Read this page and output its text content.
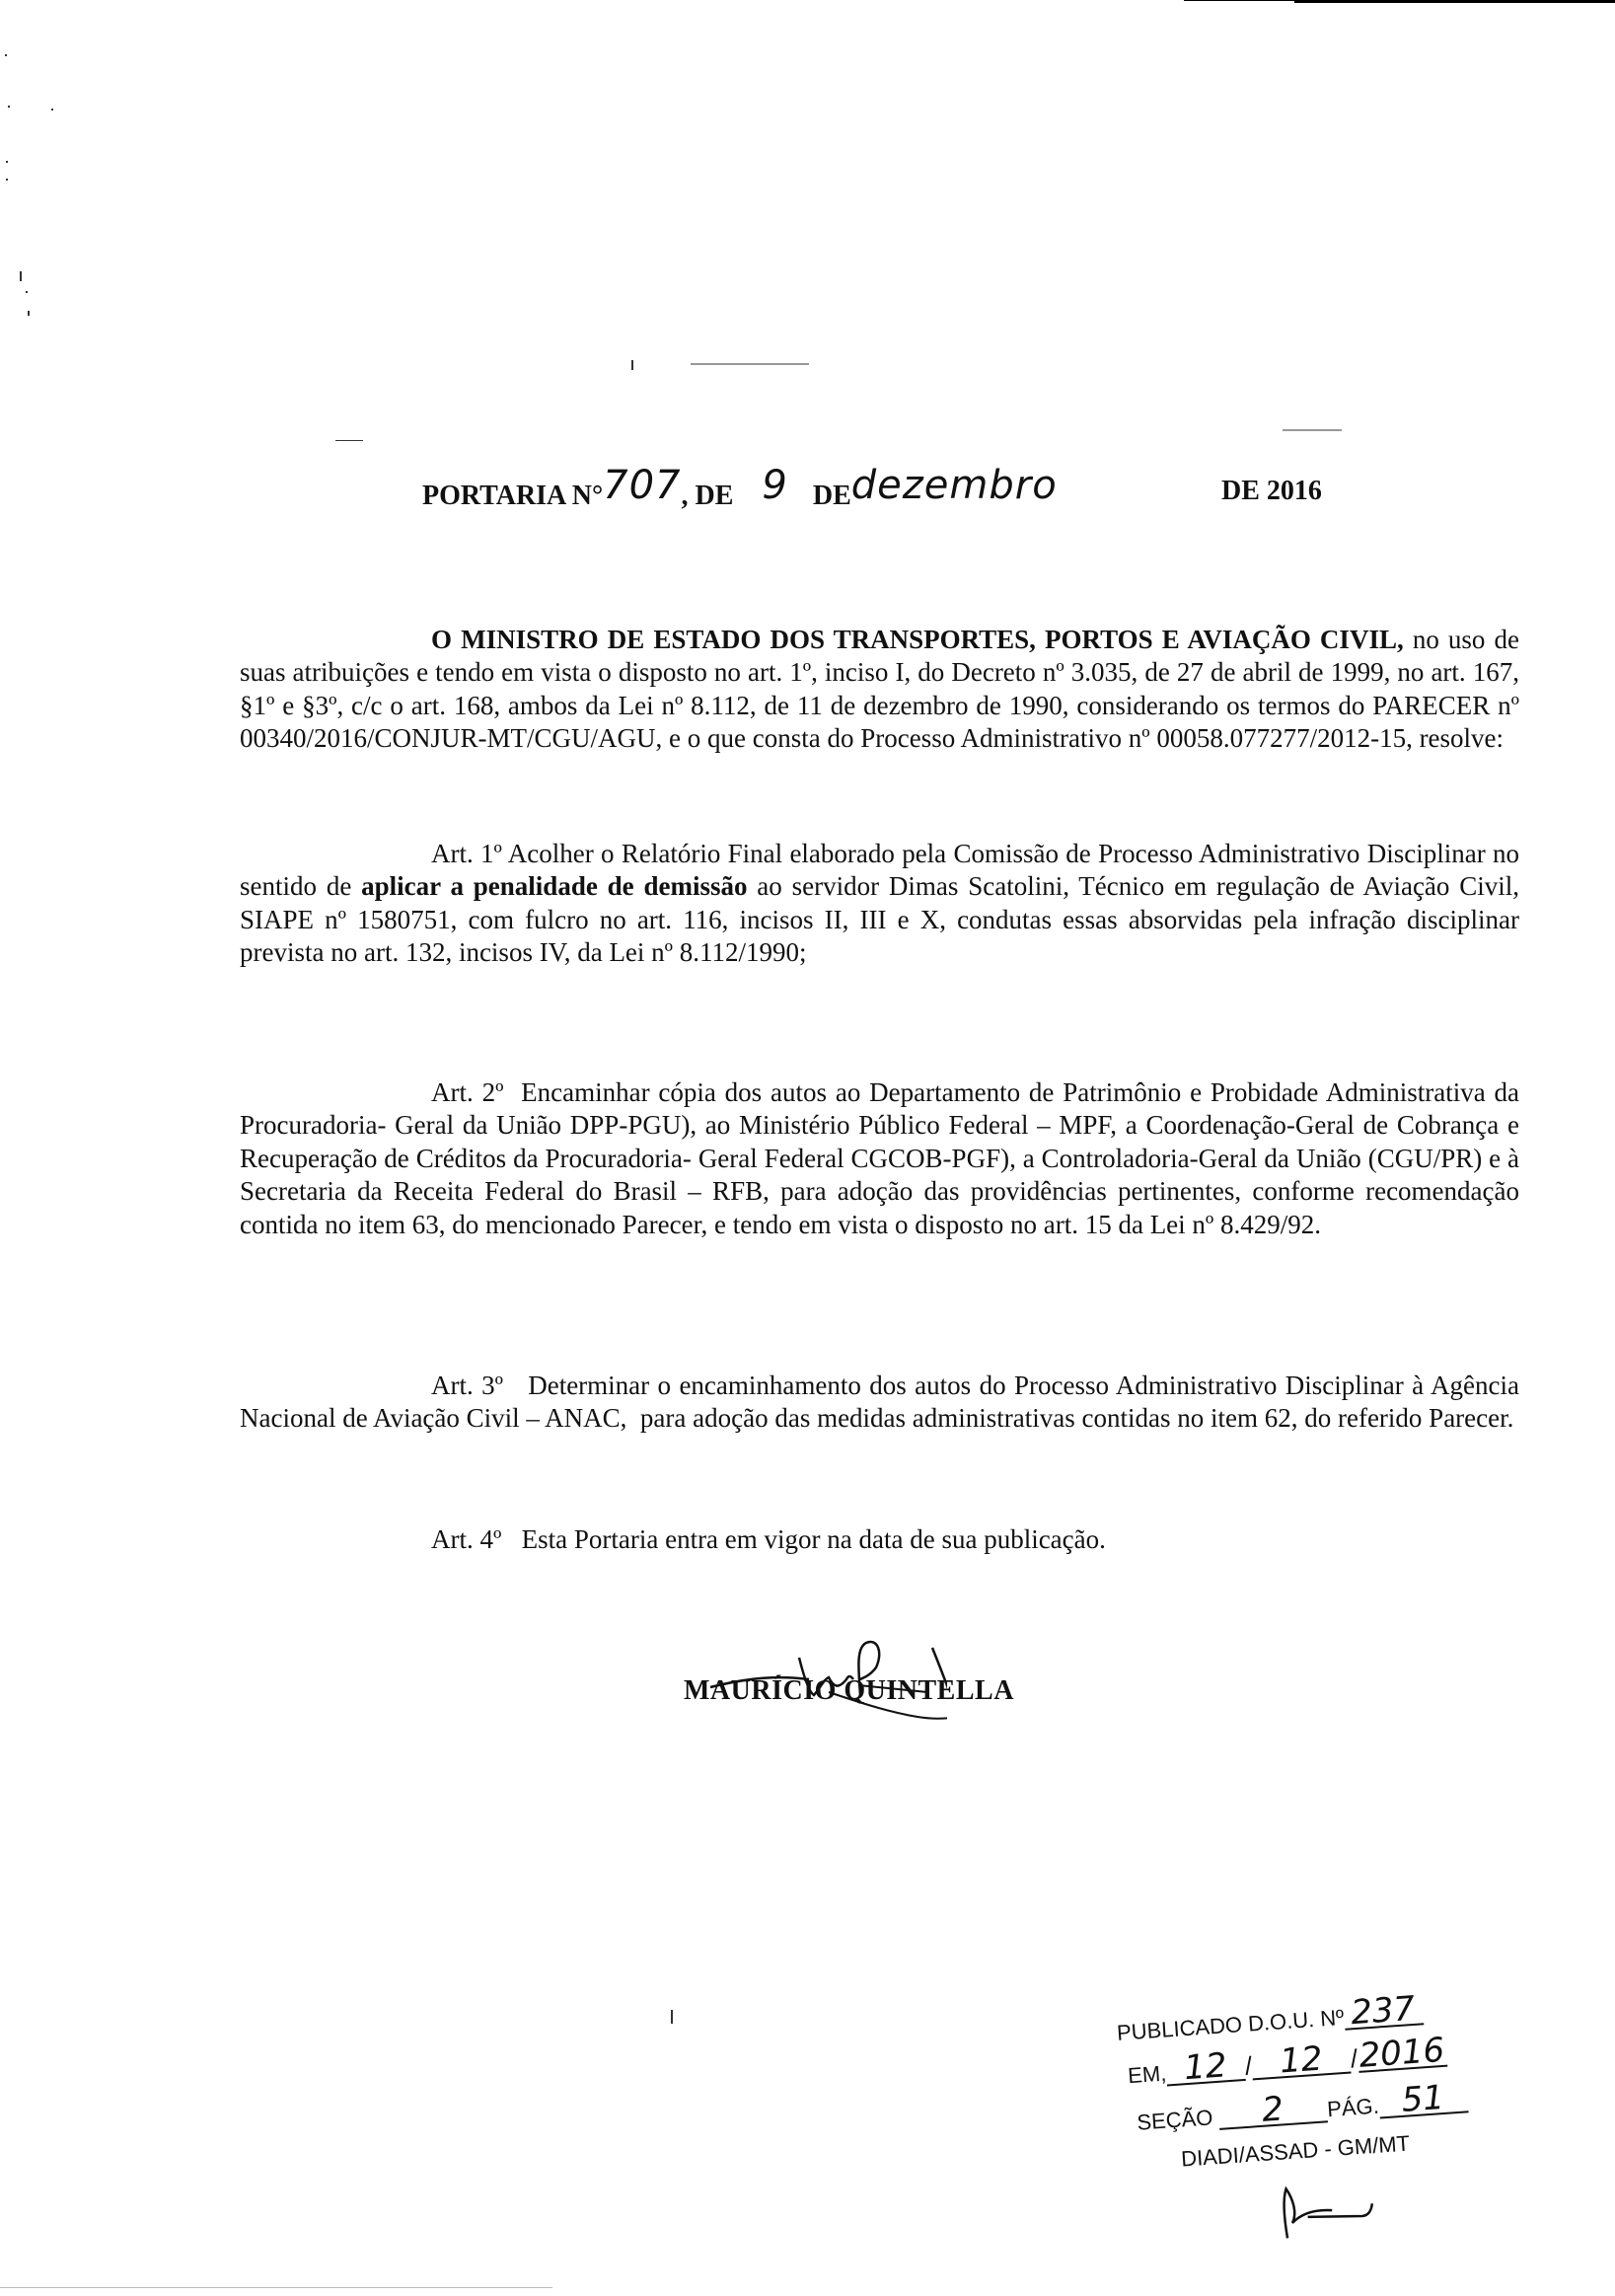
PORTARIA N°707, DE 9 DEdezembro	DE 2016
O MINISTRO DE ESTADO DOS TRANSPORTES, PORTOS E AVIAÇÃO CIVIL, no uso de suas atribuições e tendo em vista o disposto no art. 1º, inciso I, do Decreto nº 3.035, de 27 de abril de 1999, no art. 167, §1º e §3º, c/c o art. 168, ambos da Lei nº 8.112, de 11 de dezembro de 1990, considerando os termos do PARECER nº 00340/2016/CONJUR-MT/CGU/AGU, e o que consta do Processo Administrativo nº 00058.077277/2012-15, resolve:
Art. 1º Acolher o Relatório Final elaborado pela Comissão de Processo Administrativo Disciplinar no sentido de aplicar a penalidade de demissão ao servidor Dimas Scatolini, Técnico em regulação de Aviação Civil, SIAPE nº 1580751, com fulcro no art. 116, incisos II, III e X, condutas essas absorvidas pela infração disciplinar prevista no art. 132, incisos IV, da Lei nº 8.112/1990;
Art. 2º  Encaminhar cópia dos autos ao Departamento de Patrimônio e Probidade Administrativa da Procuradoria- Geral da União DPP-PGU), ao Ministério Público Federal – MPF, a Coordenação-Geral de Cobrança e Recuperação de Créditos da Procuradoria- Geral Federal CGCOB-PGF), a Controladoria-Geral da União (CGU/PR) e à Secretaria da Receita Federal do Brasil – RFB, para adoção das providências pertinentes, conforme recomendação contida no item 63, do mencionado Parecer, e tendo em vista o disposto no art. 15 da Lei nº 8.429/92.
Art. 3º   Determinar o encaminhamento dos autos do Processo Administrativo Disciplinar à Agência Nacional de Aviação Civil – ANAC,  para adoção das medidas administrativas contidas no item 62, do referido Parecer.
Art. 4º   Esta Portaria entra em vigor na data de sua publicação.
MAURÍCIO QUINTELLA
PUBLICADO D.O.U. Nº 237
EM, 12 / 12 /2016
SEÇÃO 2 PÁG. 51
DIADI/ASSAD - GM/MT
